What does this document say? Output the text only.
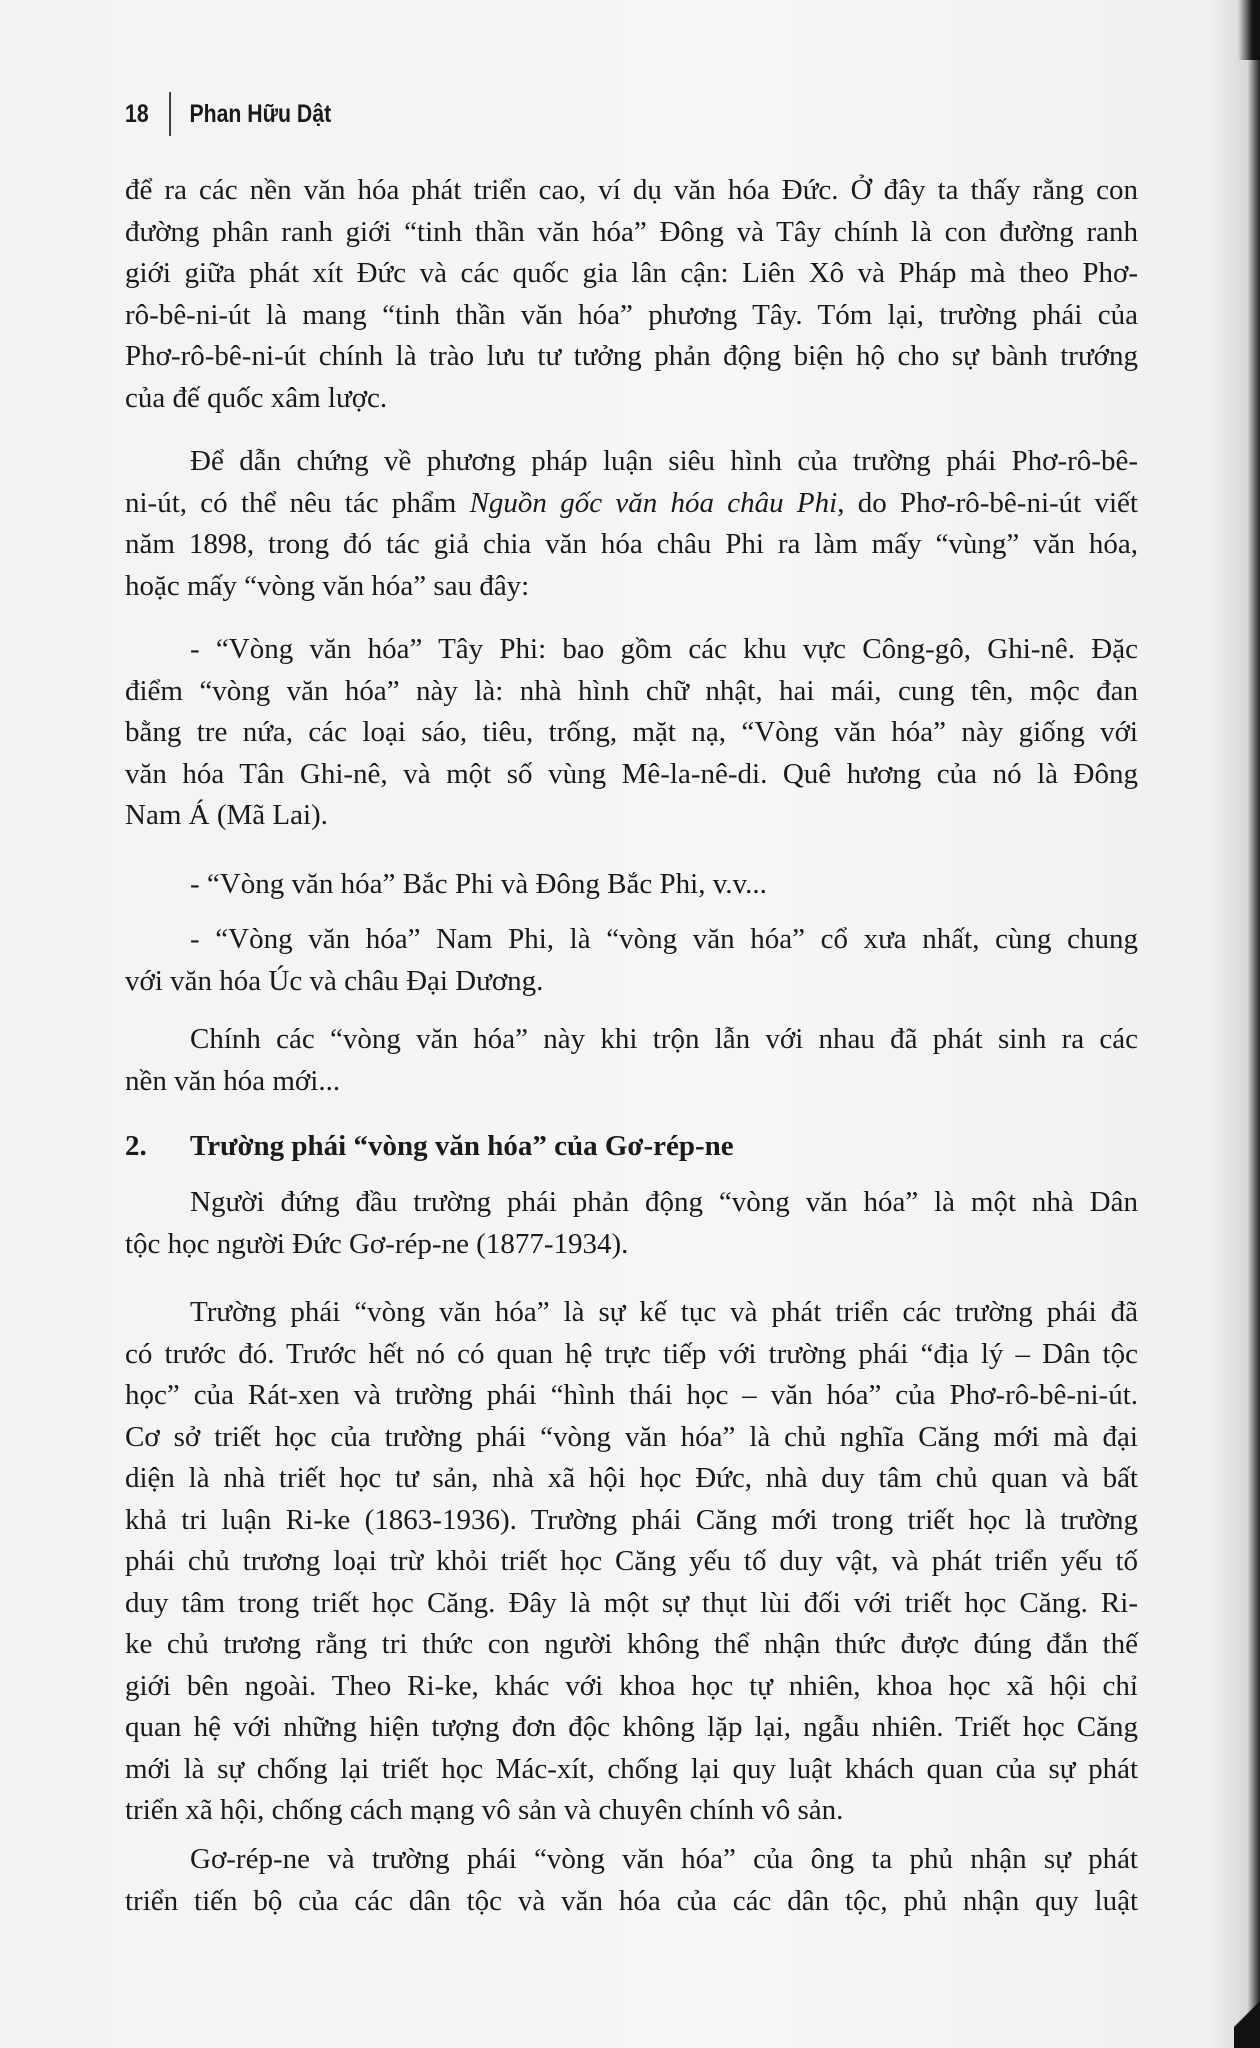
18 Phan Hữu Dật
để ra các nền văn hóa phát triển cao, ví dụ văn hóa Đức. Ở đây ta thấy rằng con
đường phân ranh giới “tinh thần văn hóa” Đông và Tây chính là con đường ranh
giới giữa phát xít Đức và các quốc gia lân cận: Liên Xô và Pháp mà theo Phơ-
rô-bê-ni-út là mang “tinh thần văn hóa” phương Tây. Tóm lại, trường phái của
Phơ-rô-bê-ni-út chính là trào lưu tư tưởng phản động biện hộ cho sự bành trướng
của đế quốc xâm lược.
Để dẫn chứng về phương pháp luận siêu hình của trường phái Phơ-rô-bê-
ni-út, có thể nêu tác phẩm Nguồn gốc văn hóa châu Phi, do Phơ-rô-bê-ni-út viết
năm 1898, trong đó tác giả chia văn hóa châu Phi ra làm mấy “vùng” văn hóa,
hoặc mấy “vòng văn hóa” sau đây:
- “Vòng văn hóa” Tây Phi: bao gồm các khu vực Công-gô, Ghi-nê. Đặc
điểm “vòng văn hóa” này là: nhà hình chữ nhật, hai mái, cung tên, mộc đan
bằng tre nứa, các loại sáo, tiêu, trống, mặt nạ, “Vòng văn hóa” này giống với
văn hóa Tân Ghi-nê, và một số vùng Mê-la-nê-di. Quê hương của nó là Đông
Nam Á (Mã Lai).
- “Vòng văn hóa” Bắc Phi và Đông Bắc Phi, v.v...
- “Vòng văn hóa” Nam Phi, là “vòng văn hóa” cổ xưa nhất, cùng chung
với văn hóa Úc và châu Đại Dương.
Chính các “vòng văn hóa” này khi trộn lẫn với nhau đã phát sinh ra các
nền văn hóa mới...
2. Trường phái “vòng văn hóa” của Gơ-rép-ne
Người đứng đầu trường phái phản động “vòng văn hóa” là một nhà Dân
tộc học người Đức Gơ-rép-ne (1877-1934).
Trường phái “vòng văn hóa” là sự kế tục và phát triển các trường phái đã
có trước đó. Trước hết nó có quan hệ trực tiếp với trường phái “địa lý – Dân tộc
học” của Rát-xen và trường phái “hình thái học – văn hóa” của Phơ-rô-bê-ni-út.
Cơ sở triết học của trường phái “vòng văn hóa” là chủ nghĩa Căng mới mà đại
diện là nhà triết học tư sản, nhà xã hội học Đức, nhà duy tâm chủ quan và bất
khả tri luận Ri-ke (1863-1936). Trường phái Căng mới trong triết học là trường
phái chủ trương loại trừ khỏi triết học Căng yếu tố duy vật, và phát triển yếu tố
duy tâm trong triết học Căng. Đây là một sự thụt lùi đối với triết học Căng. Ri-
ke chủ trương rằng tri thức con người không thể nhận thức được đúng đắn thế
giới bên ngoài. Theo Ri-ke, khác với khoa học tự nhiên, khoa học xã hội chỉ
quan hệ với những hiện tượng đơn độc không lặp lại, ngẫu nhiên. Triết học Căng
mới là sự chống lại triết học Mác-xít, chống lại quy luật khách quan của sự phát
triển xã hội, chống cách mạng vô sản và chuyên chính vô sản.
Gơ-rép-ne và trường phái “vòng văn hóa” của ông ta phủ nhận sự phát
triển tiến bộ của các dân tộc và văn hóa của các dân tộc, phủ nhận quy luật
